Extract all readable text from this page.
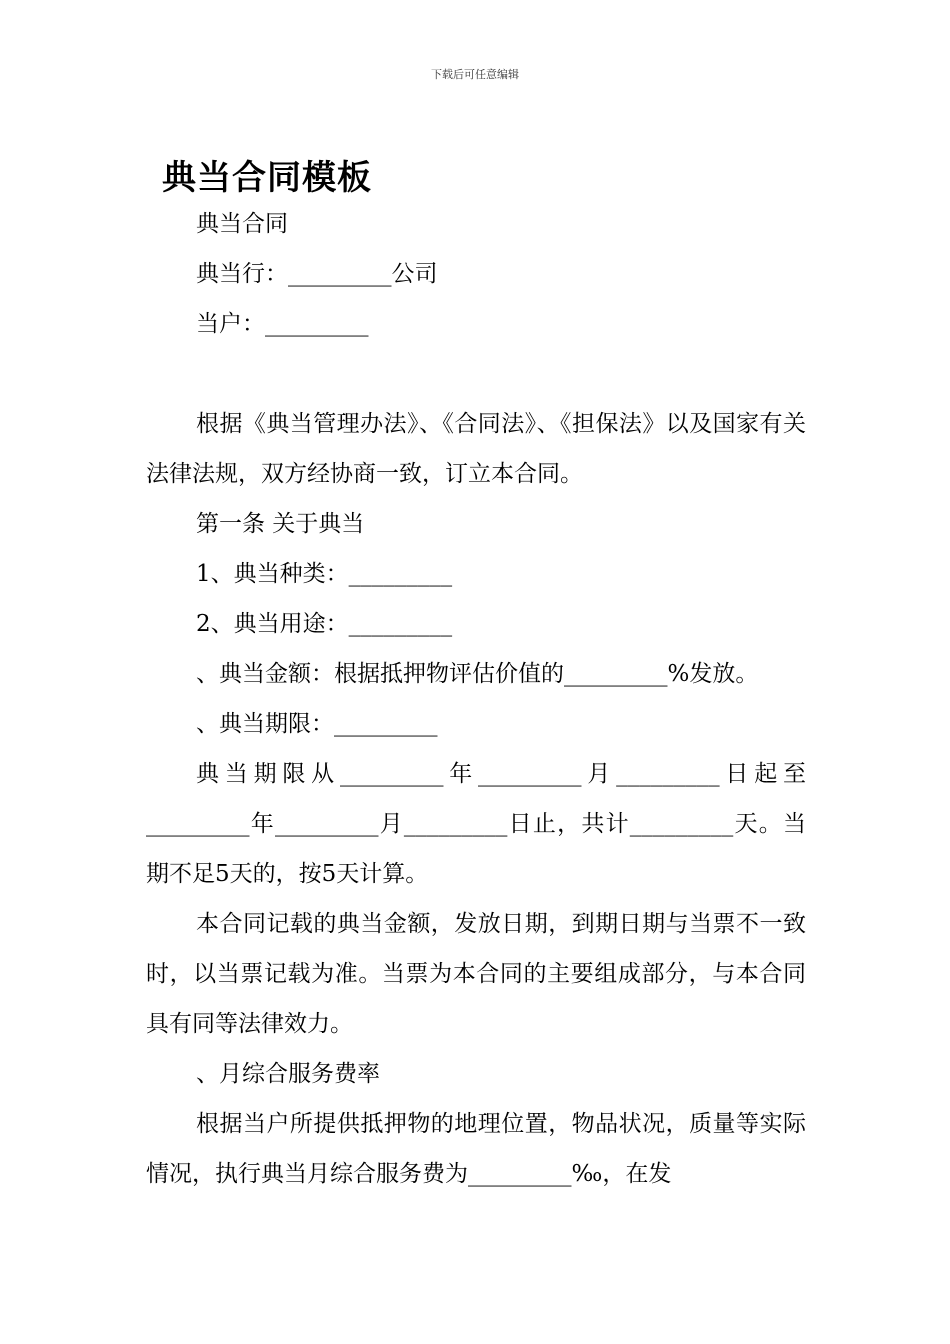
下载后可任意编辑
典当合同模板

典当合同

典当行：_________公司

当户：_________

根据《典当管理办法》、《合同法》、《担保法》以及国家有关法律法规，双方经协商一致，订立本合同。

第一条 关于典当

1、典当种类：_________

2、典当用途：_________

、典当金额：根据抵押物评估价值的_________%发放。

、典当期限：_________

典当期限从_________年_________月_________日起至_________年_________月_________日止，共计_________天。当期不足5天的，按5天计算。

本合同记载的典当金额，发放日期，到期日期与当票不一致时，以当票记载为准。当票为本合同的主要组成部分，与本合同具有同等法律效力。

、月综合服务费率

根据当户所提供抵押物的地理位置，物品状况，质量等实际情况，执行典当月综合服务费为_________‰，在发
